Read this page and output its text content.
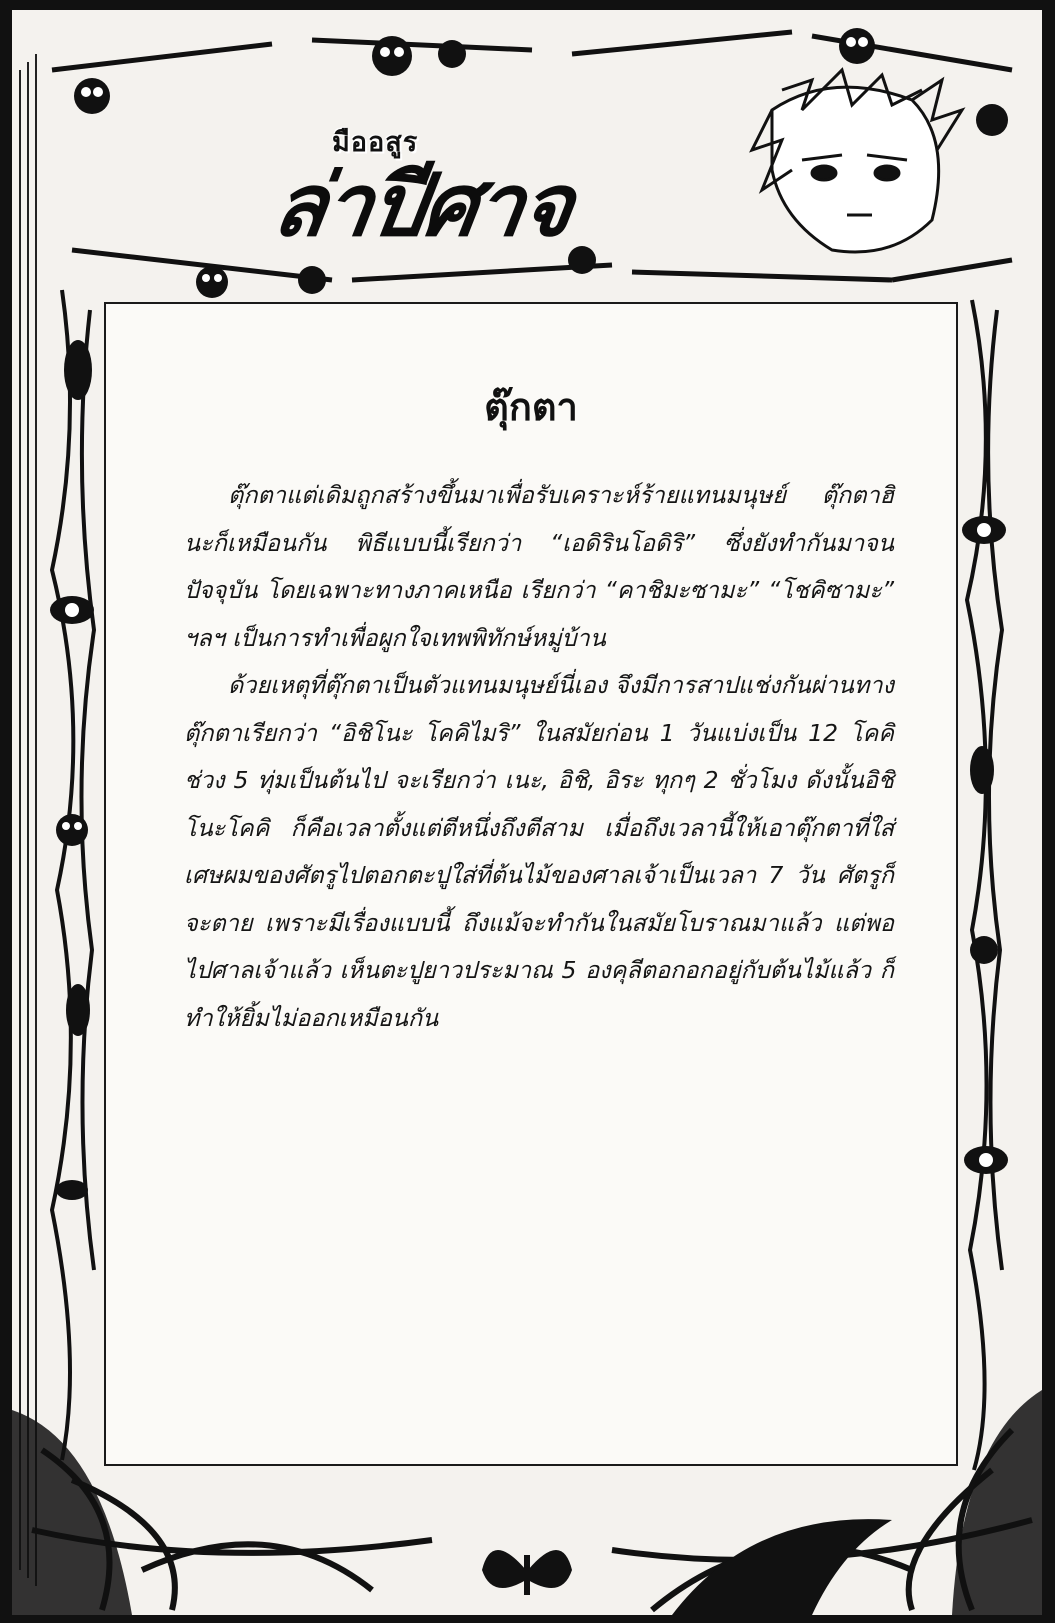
มืออสูร
ล่าปีศาจ
ตุ๊กตา

ตุ๊กตาแต่เดิมถูกสร้างขึ้นมาเพื่อรับเคราะห์ร้ายแทนมนุษย์ ตุ๊กตาฮินะก็เหมือนกัน พิธีแบบนี้เรียกว่า “เอดิรินโอดิริ” ซึ่งยังทำกันมาจนปัจจุบัน โดยเฉพาะทางภาคเหนือ เรียกว่า “คาชิมะซามะ” “โชคิซามะ” ฯลฯ เป็นการทำเพื่อผูกใจเทพพิทักษ์หมู่บ้าน

ด้วยเหตุที่ตุ๊กตาเป็นตัวแทนมนุษย์นี่เอง จึงมีการสาปแช่งกันผ่านทางตุ๊กตาเรียกว่า “อิชิโนะ โคคิไมริ” ในสมัยก่อน 1 วันแบ่งเป็น 12 โคคิ ช่วง 5 ทุ่มเป็นต้นไป จะเรียกว่า เนะ, อิชิ, อิระ ทุกๆ 2 ชั่วโมง ดังนั้นอิชิโนะโคคิ ก็คือเวลาตั้งแต่ตีหนึ่งถึงตีสาม เมื่อถึงเวลานี้ให้เอาตุ๊กตาที่ใส่เศษผมของศัตรูไปตอกตะปูใส่ที่ต้นไม้ของศาลเจ้าเป็นเวลา 7 วัน ศัตรูก็จะตาย เพราะมีเรื่องแบบนี้ ถึงแม้จะทำกันในสมัยโบราณมาแล้ว แต่พอไปศาลเจ้าแล้ว เห็นตะปูยาวประมาณ 5 องคุลีตอกอกอยู่กับต้นไม้แล้ว ก็ทำให้ยิ้มไม่ออกเหมือนกัน
